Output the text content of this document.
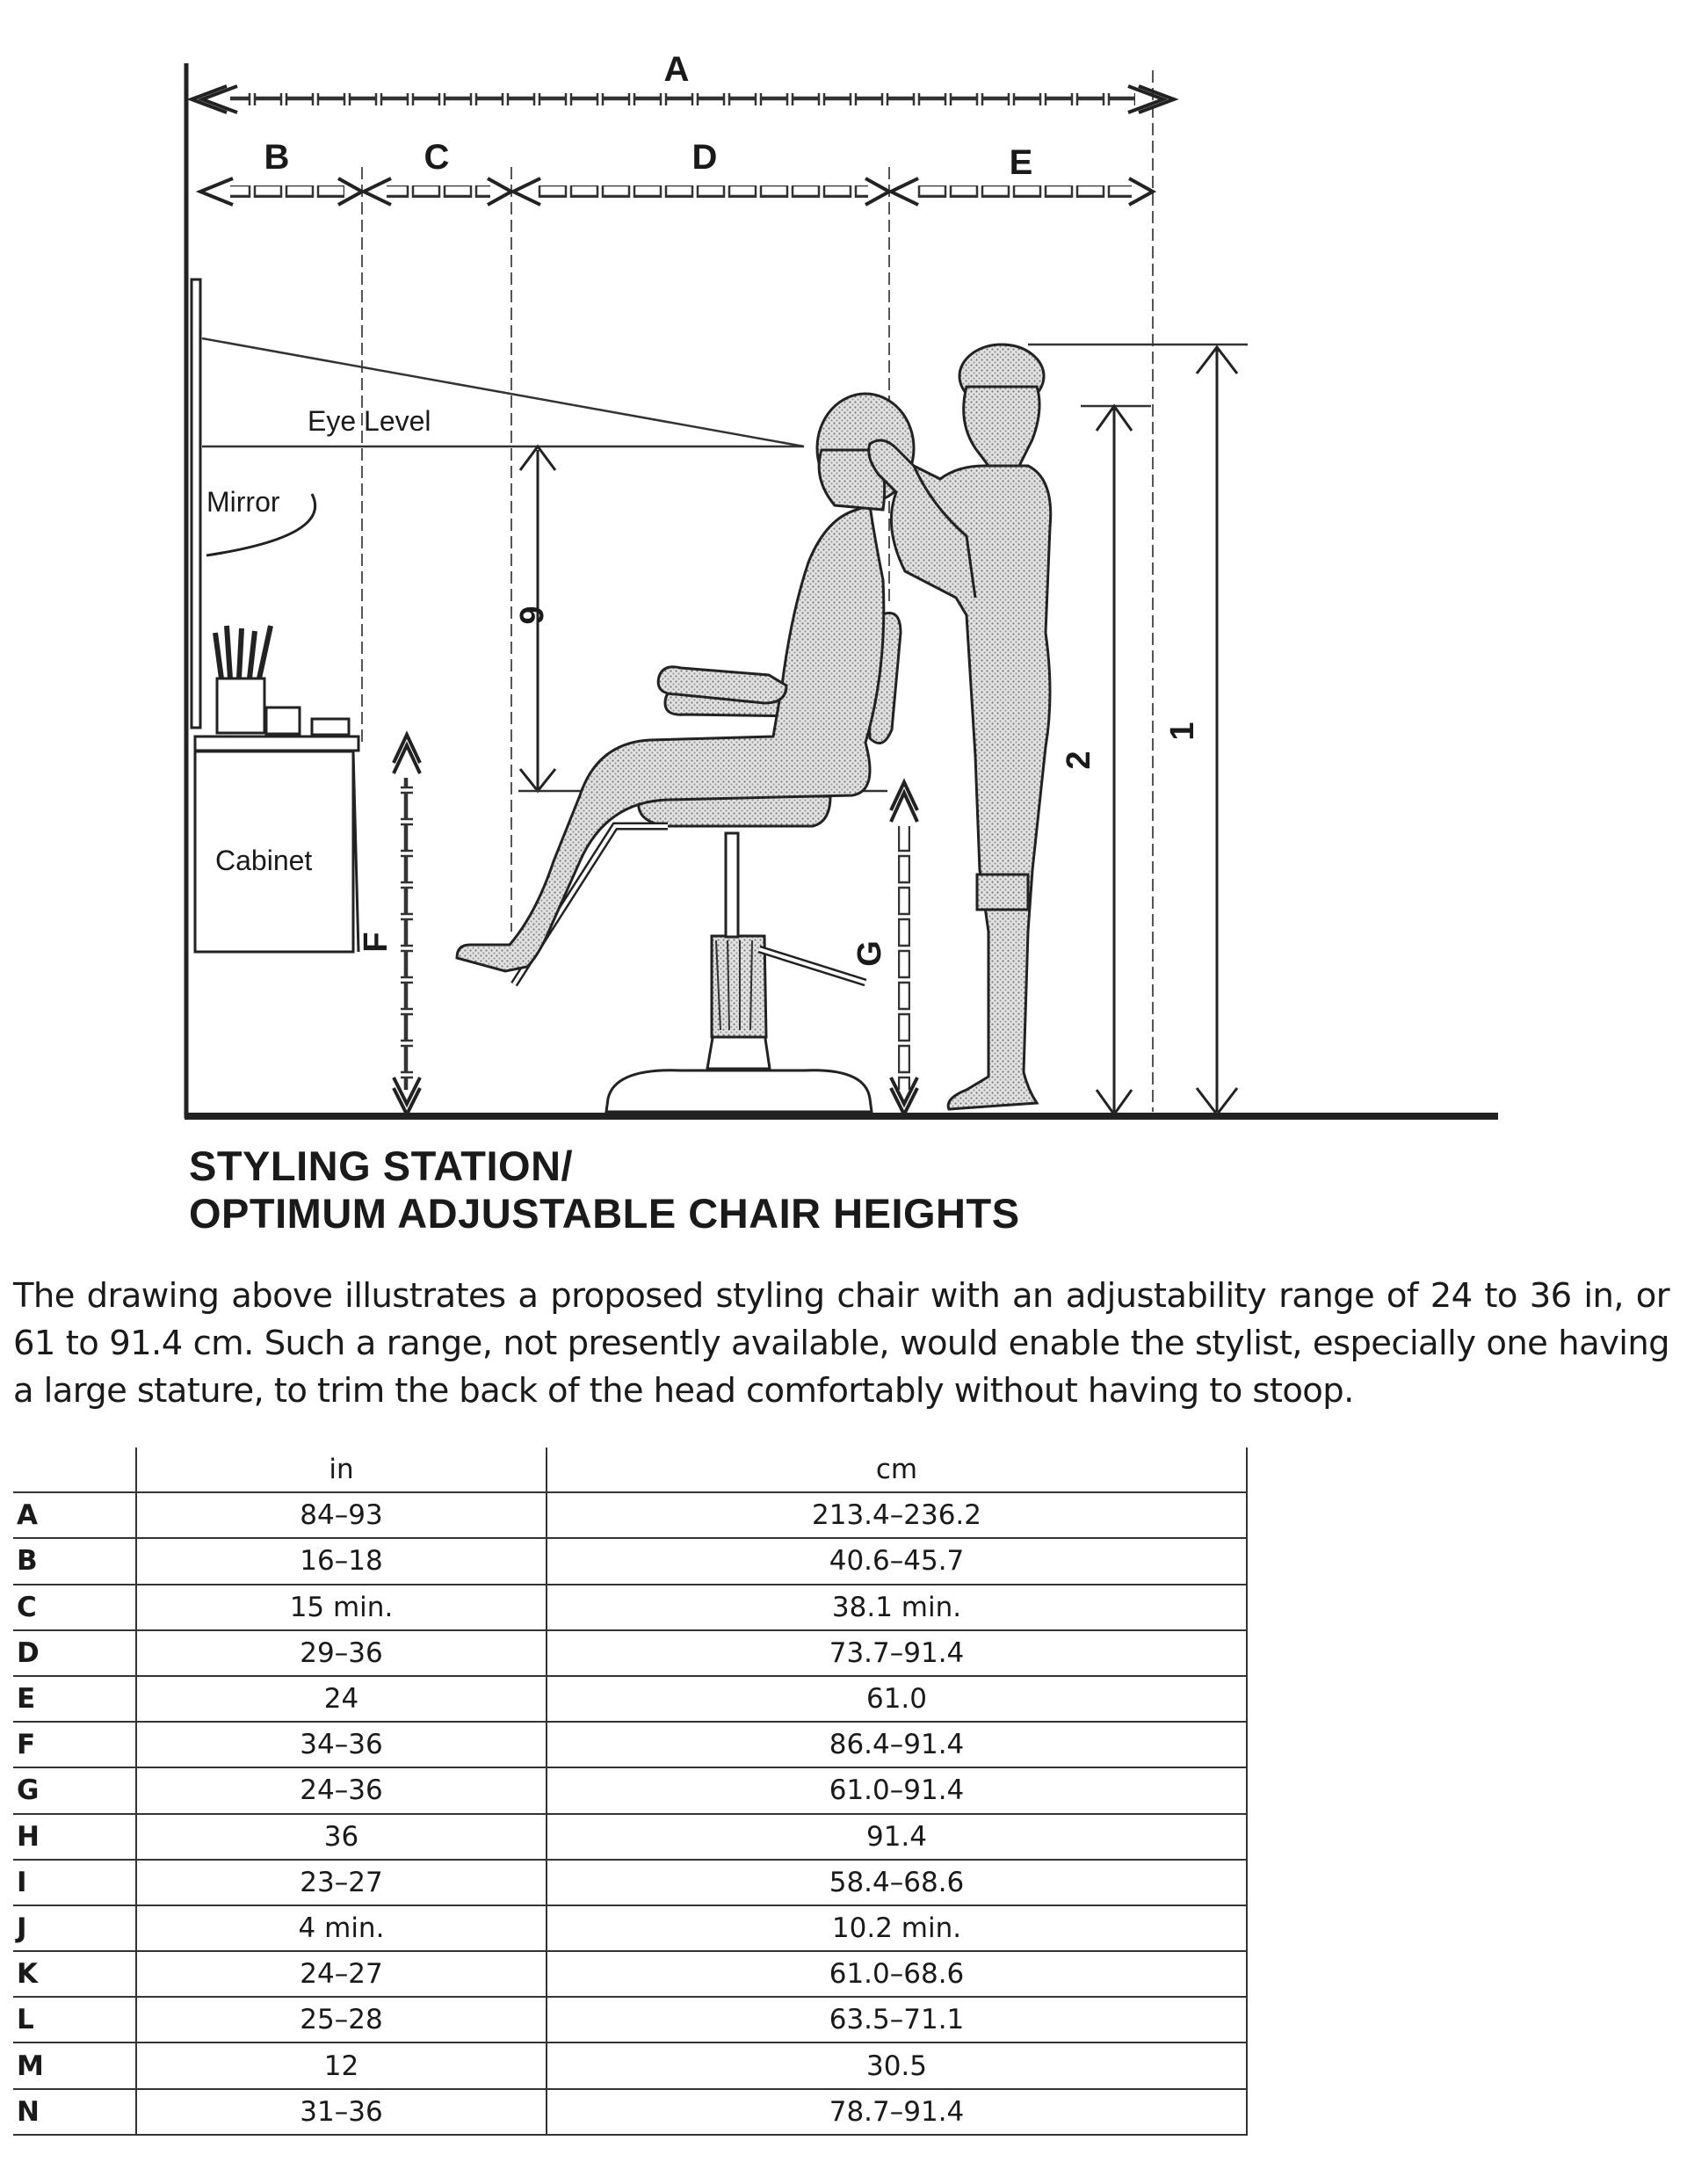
A
B	C	D	E
Mirror
Eye Level
Cabinet
F
6
G
2
1
STYLING STATION/
OPTIMUM ADJUSTABLE CHAIR HEIGHTS
The drawing above illustrates a proposed styling chair with an adjustability range of 24 to 36 in, or 61 to 91.4 cm. Such a range, not presently available, would enable the stylist, especially one having a large stature, to trim the back of the head comfortably without having to stoop.
	in	cm
A	84–93	213.4–236.2
B	16–18	40.6–45.7
C	15 min.	38.1 min.
D	29–36	73.7–91.4
E	24	61.0
F	34–36	86.4–91.4
G	24–36	61.0–91.4
H	36	91.4
I	23–27	58.4–68.6
J	4 min.	10.2 min.
K	24–27	61.0–68.6
L	25–28	63.5–71.1
M	12	30.5
N	31–36	78.7–91.4
